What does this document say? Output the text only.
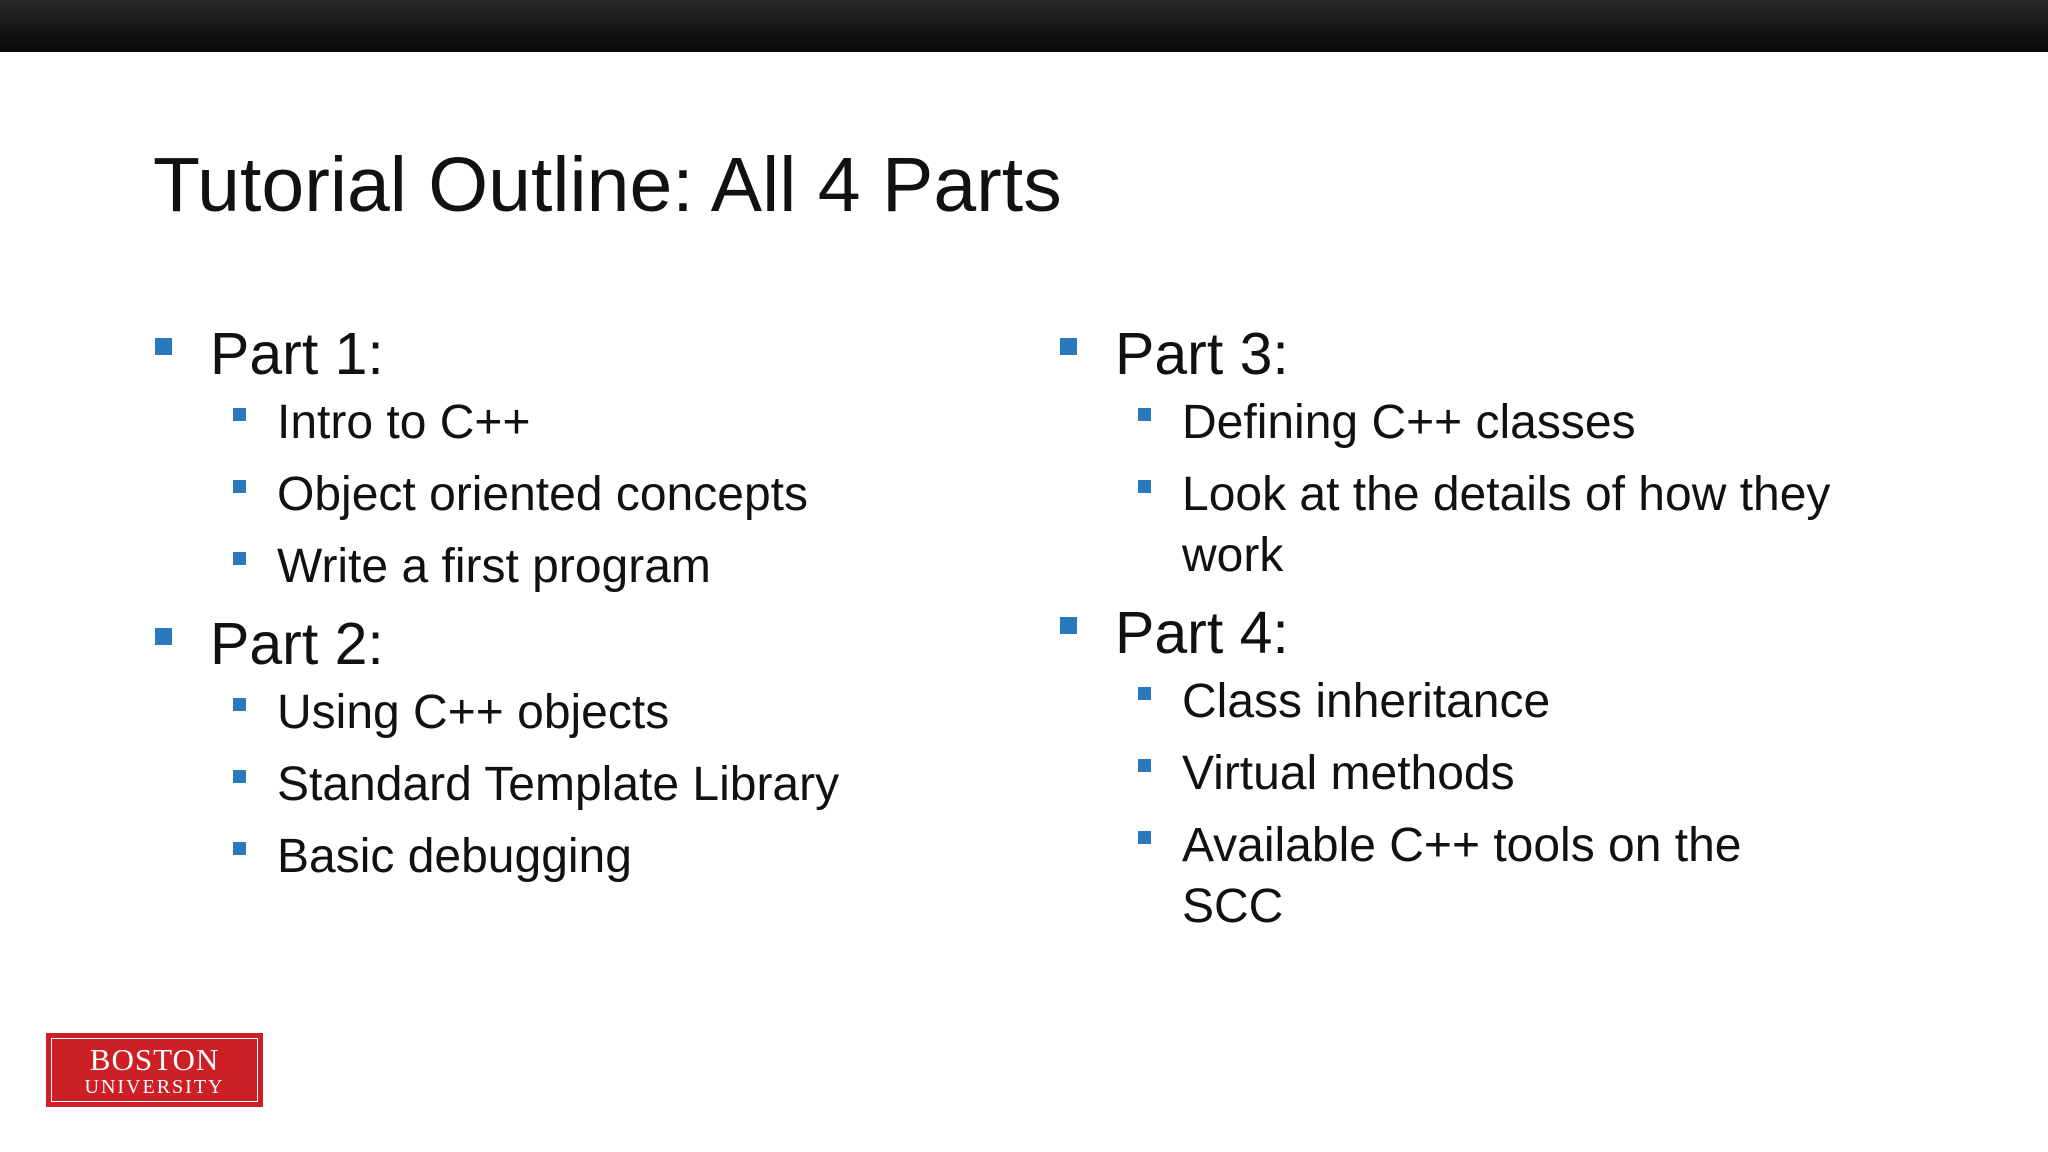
Tutorial Outline: All 4 Parts
Part 1:
Intro to C++
Object oriented concepts
Write a first program
Part 2:
Using C++ objects
Standard Template Library
Basic debugging
Part 3:
Defining C++ classes
Look at the details of how they work
Part 4:
Class inheritance
Virtual methods
Available C++ tools on the SCC
BOSTON
UNIVERSITY
